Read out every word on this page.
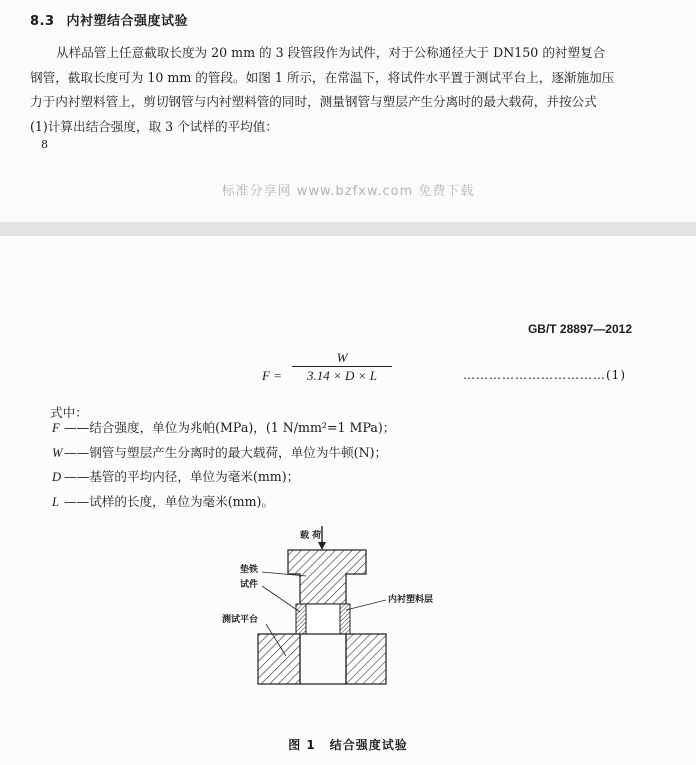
8.3 内衬塑结合强度试验
从样品管上任意截取长度为 20 mm 的 3 段管段作为试件，对于公称通径大于 DN150 的衬塑复合
钢管，截取长度可为 10 mm 的管段。如图 1 所示，在常温下，将试件水平置于测试平台上，逐渐施加压
力于内衬塑料管上，剪切钢管与内衬塑料管的同时，测量钢管与塑层产生分离时的最大载荷，并按公式
(1)计算出结合强度，取 3 个试样的平均值：
8
标准分享网 www.bzfxw.com 免费下载
GB/T 28897—2012
$F = \frac{W}{3.14 \times D \times L}$	……………………………(1)
式中：
F ——结合强度，单位为兆帕(MPa)，(1 N/mm²=1 MPa)；
W ——钢管与塑层产生分离时的最大载荷，单位为牛顿(N)；
D ——基管的平均内径，单位为毫米(mm)；
L ——试样的长度，单位为毫米(mm)。
载 荷
垫铁
试件
测试平台
内衬塑料层
图 1 结合强度试验
